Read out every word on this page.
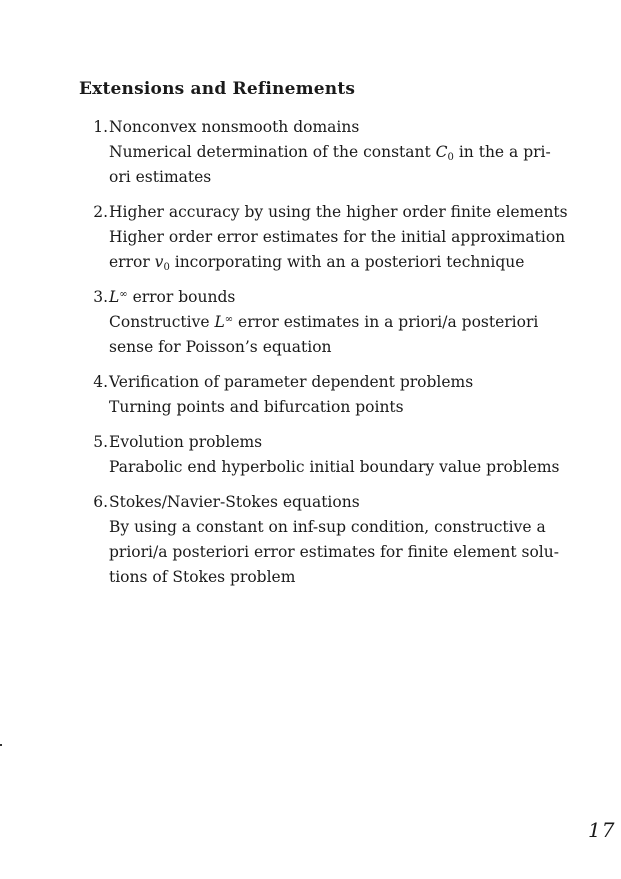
Extensions and Refinements
1. Nonconvex nonsmooth domains
Numerical determination of the constant $C_0$ in the a pri-
ori estimates
2. Higher accuracy by using the higher order finite elements
Higher order error estimates for the initial approximation
error $v_0$ incorporating with an a posteriori technique
3. L∞ error bounds
Constructive L∞ error estimates in a priori/a posteriori
sense for Poisson’s equation
4. Verification of parameter dependent problems
Turning points and bifurcation points
5. Evolution problems
Parabolic end hyperbolic initial boundary value problems
6. Stokes/Navier-Stokes equations
By using a constant on inf-sup condition, constructive a
priori/a posteriori error estimates for finite element solu-
tions of Stokes problem
17
